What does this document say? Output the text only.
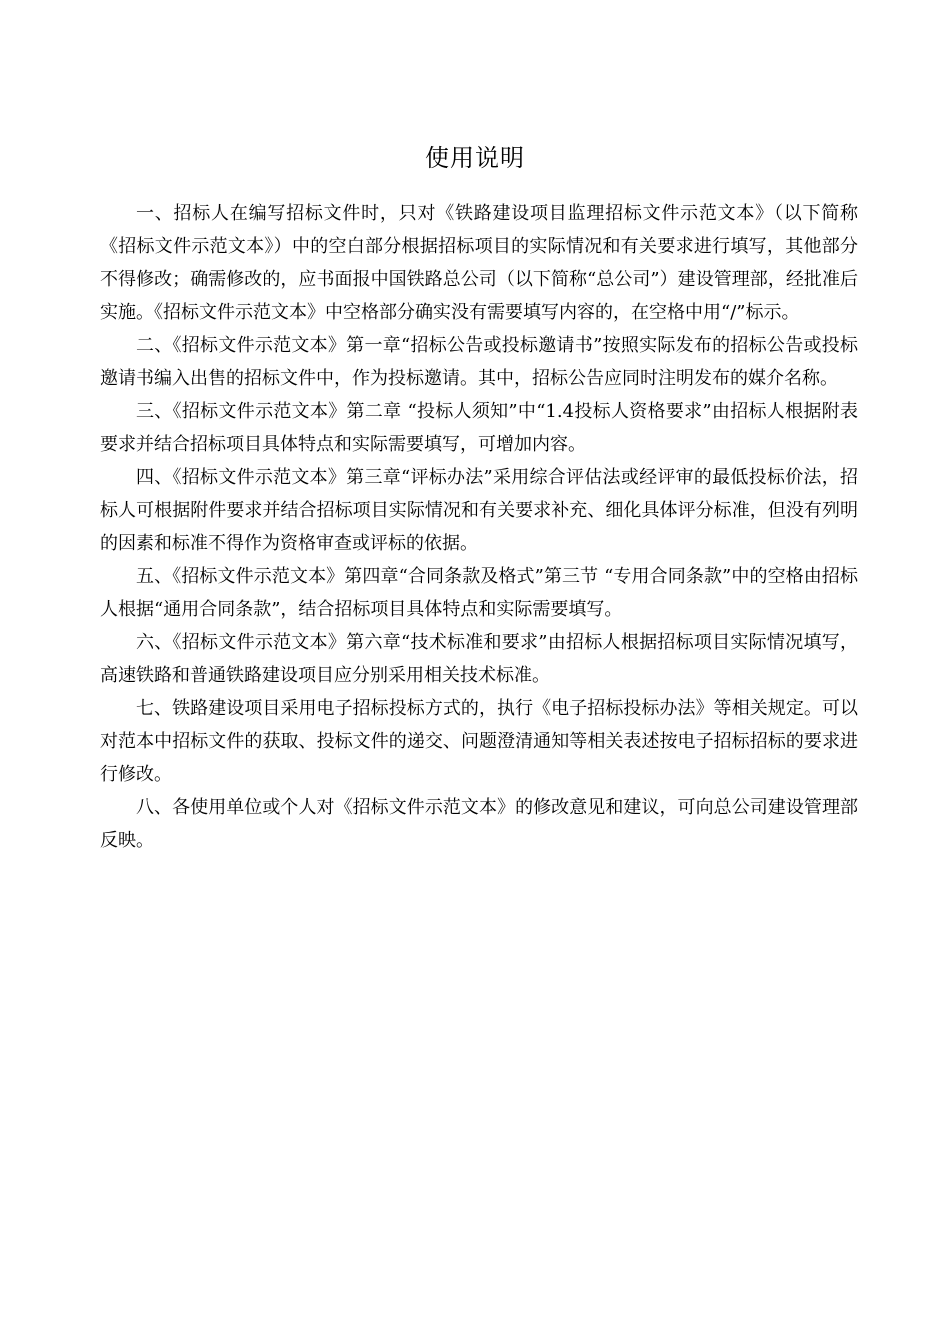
使用说明

一、招标人在编写招标文件时，只对《铁路建设项目监理招标文件示范文本》（以下简称《招标文件示范文本》）中的空白部分根据招标项目的实际情况和有关要求进行填写，其他部分不得修改；确需修改的，应书面报中国铁路总公司（以下简称“总公司”）建设管理部，经批准后实施。《招标文件示范文本》中空格部分确实没有需要填写内容的，在空格中用“/”标示。

二、《招标文件示范文本》第一章“招标公告或投标邀请书”按照实际发布的招标公告或投标邀请书编入出售的招标文件中，作为投标邀请。其中，招标公告应同时注明发布的媒介名称。

三、《招标文件示范文本》第二章 “投标人须知”中“1.4投标人资格要求”由招标人根据附表要求并结合招标项目具体特点和实际需要填写，可增加内容。

四、《招标文件示范文本》第三章“评标办法”采用综合评估法或经评审的最低投标价法，招标人可根据附件要求并结合招标项目实际情况和有关要求补充、细化具体评分标准，但没有列明的因素和标准不得作为资格审查或评标的依据。

五、《招标文件示范文本》第四章“合同条款及格式”第三节 “专用合同条款”中的空格由招标人根据“通用合同条款”，结合招标项目具体特点和实际需要填写。

六、《招标文件示范文本》第六章“技术标准和要求”由招标人根据招标项目实际情况填写，高速铁路和普通铁路建设项目应分别采用相关技术标准。

七、铁路建设项目采用电子招标投标方式的，执行《电子招标投标办法》等相关规定。可以对范本中招标文件的获取、投标文件的递交、问题澄清通知等相关表述按电子招标招标的要求进行修改。

八、各使用单位或个人对《招标文件示范文本》的修改意见和建议，可向总公司建设管理部反映。
